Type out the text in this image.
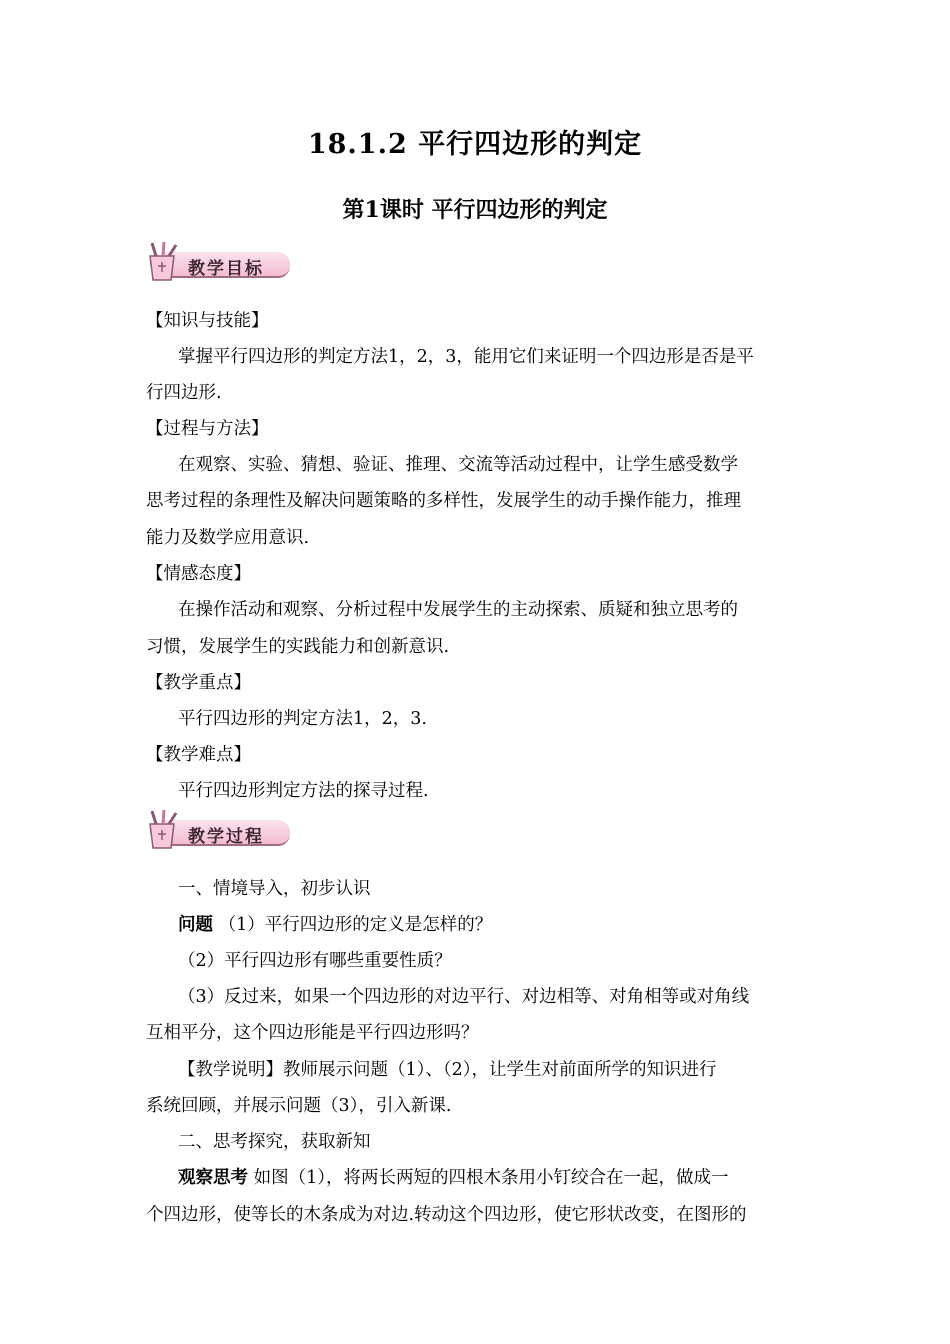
18.1.2 平行四边形的判定
第1课时 平行四边形的判定
教学目标
【知识与技能】
掌握平行四边形的判定方法1，2，3，能用它们来证明一个四边形是否是平
行四边形.
【过程与方法】
在观察、实验、猜想、验证、推理、交流等活动过程中，让学生感受数学
思考过程的条理性及解决问题策略的多样性，发展学生的动手操作能力，推理
能力及数学应用意识.
【情感态度】
在操作活动和观察、分析过程中发展学生的主动探索、质疑和独立思考的
习惯，发展学生的实践能力和创新意识.
【教学重点】
平行四边形的判定方法1，2，3.
【教学难点】
平行四边形判定方法的探寻过程.
教学过程
一、情境导入，初步认识
问题 （1）平行四边形的定义是怎样的？
（2）平行四边形有哪些重要性质？
（3）反过来，如果一个四边形的对边平行、对边相等、对角相等或对角线
互相平分，这个四边形能是平行四边形吗？
【教学说明】教师展示问题（1）、（2），让学生对前面所学的知识进行
系统回顾，并展示问题（3），引入新课.
二、思考探究，获取新知
观察思考 如图（1），将两长两短的四根木条用小钉绞合在一起，做成一
个四边形，使等长的木条成为对边.转动这个四边形，使它形状改变，在图形的
